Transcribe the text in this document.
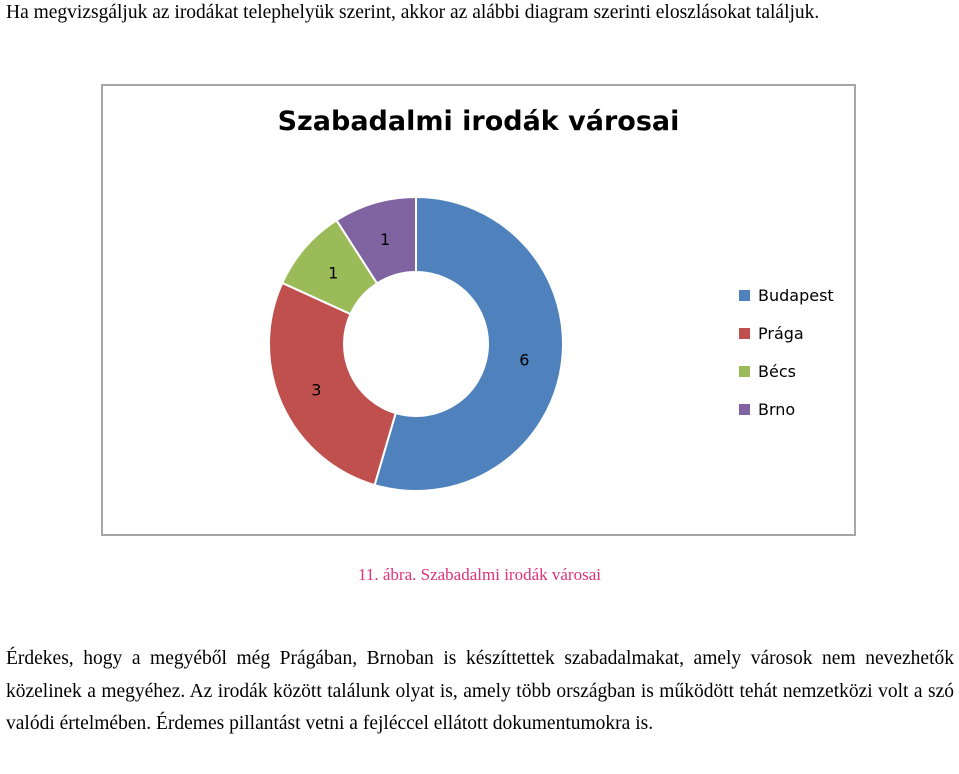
Ha megvizsgáljuk az irodákat telephelyük szerint, akkor az alábbi diagram szerinti eloszlásokat találjuk.

Szabadalmi irodák városai
6
3
1
1
Budapest
Prága
Bécs
Brno
11. ábra. Szabadalmi irodák városai

Érdekes, hogy a megyéből még Prágában, Brnoban is készíttettek szabadalmakat, amely városok nem nevezhetők közelinek a megyéhez. Az irodák között találunk olyat is, amely több országban is működött tehát nemzetközi volt a szó valódi értelmében. Érdemes pillantást vetni a fejléccel ellátott dokumentumokra is.
